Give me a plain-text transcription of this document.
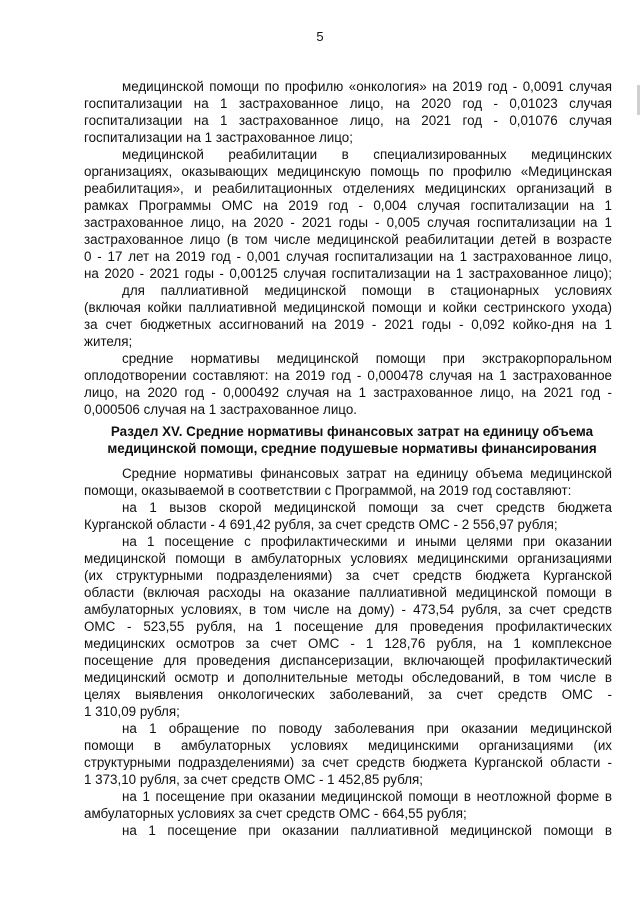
5
медицинской помощи по профилю «онкология» на 2019 год - 0,0091 случая
госпитализации на 1 застрахованное лицо, на 2020 год - 0,01023 случая
госпитализации на 1 застрахованное лицо, на 2021 год - 0,01076 случая
госпитализации на 1 застрахованное лицо;
медицинской реабилитации в специализированных медицинских
организациях, оказывающих медицинскую помощь по профилю «Медицинская
реабилитация», и реабилитационных отделениях медицинских организаций в
рамках Программы ОМС на 2019 год - 0,004 случая госпитализации на 1
застрахованное лицо, на 2020 - 2021 годы - 0,005 случая госпитализации на 1
застрахованное лицо (в том числе медицинской реабилитации детей в возрасте
0 - 17 лет на 2019 год - 0,001 случая госпитализации на 1 застрахованное лицо,
на 2020 - 2021 годы - 0,00125 случая госпитализации на 1 застрахованное лицо);
для паллиативной медицинской помощи в стационарных условиях
(включая койки паллиативной медицинской помощи и койки сестринского ухода)
за счет бюджетных ассигнований на 2019 - 2021 годы - 0,092 койко-дня на 1
жителя;
средние нормативы медицинской помощи при экстракорпоральном
оплодотворении составляют: на 2019 год - 0,000478 случая на 1 застрахованное
лицо, на 2020 год - 0,000492 случая на 1 застрахованное лицо, на 2021 год -
0,000506 случая на 1 застрахованное лицо.
Раздел XV. Средние нормативы финансовых затрат на единицу объема
медицинской помощи, средние подушевые нормативы финансирования
Средние нормативы финансовых затрат на единицу объема медицинской
помощи, оказываемой в соответствии с Программой, на 2019 год составляют:
на 1 вызов скорой медицинской помощи за счет средств бюджета
Курганской области - 4 691,42 рубля, за счет средств ОМС - 2 556,97 рубля;
на 1 посещение с профилактическими и иными целями при оказании
медицинской помощи в амбулаторных условиях медицинскими организациями
(их структурными подразделениями) за счет средств бюджета Курганской
области (включая расходы на оказание паллиативной медицинской помощи в
амбулаторных условиях, в том числе на дому) - 473,54 рубля, за счет средств
ОМС - 523,55 рубля, на 1 посещение для проведения профилактических
медицинских осмотров за счет ОМС - 1 128,76 рубля, на 1 комплексное
посещение для проведения диспансеризации, включающей профилактический
медицинский осмотр и дополнительные методы обследований, в том числе в
целях выявления онкологических заболеваний, за счет средств ОМС -
1 310,09 рубля;
на 1 обращение по поводу заболевания при оказании медицинской
помощи в амбулаторных условиях медицинскими организациями (их
структурными подразделениями) за счет средств бюджета Курганской области -
1 373,10 рубля, за счет средств ОМС - 1 452,85 рубля;
на 1 посещение при оказании медицинской помощи в неотложной форме в
амбулаторных условиях за счет средств ОМС - 664,55 рубля;
на 1 посещение при оказании паллиативной медицинской помощи в
